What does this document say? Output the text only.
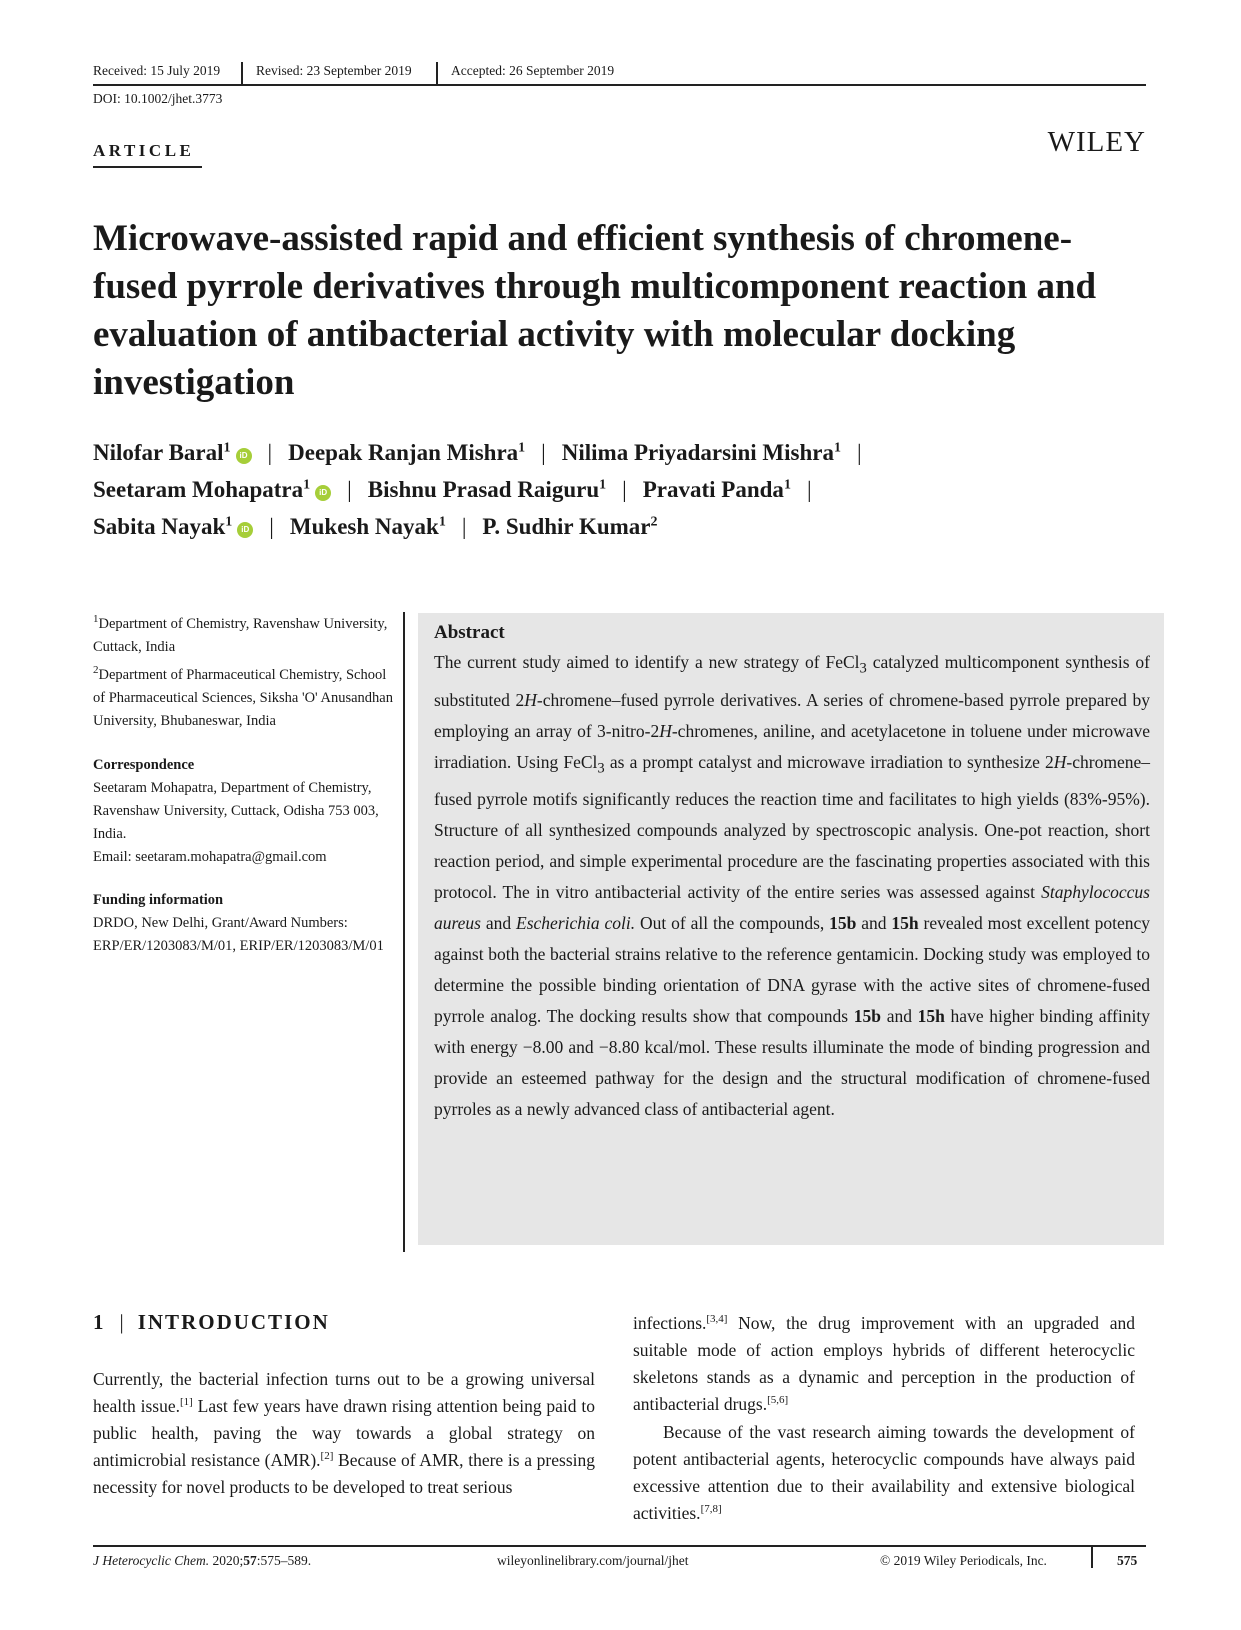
Received: 15 July 2019	Revised: 23 September 2019	Accepted: 26 September 2019
DOI: 10.1002/jhet.3773
ARTICLE	WILEY
Microwave-assisted rapid and efficient synthesis of chromene-fused pyrrole derivatives through multicomponent reaction and evaluation of antibacterial activity with molecular docking investigation
Nilofar Baral$^1$iD | Deepak Ranjan Mishra$^1$ | Nilima Priyadarsini Mishra$^1$ |
Seetaram Mohapatra$^1$iD | Bishnu Prasad Raiguru$^1$ | Pravati Panda$^1$ |
Sabita Nayak$^1$iD | Mukesh Nayak$^1$ | P. Sudhir Kumar$^2$

$^1$Department of Chemistry, Ravenshaw University, Cuttack, India

$^2$Department of Pharmaceutical Chemistry, School of Pharmaceutical Sciences, Siksha 'O' Anusandhan University, Bhubaneswar, India

Correspondence

Seetaram Mohapatra, Department of Chemistry, Ravenshaw University, Cuttack, Odisha 753 003, India.

Email: seetaram.mohapatra@gmail.com

Funding information

DRDO, New Delhi, Grant/Award Numbers: ERP/ER/1203083/M/01, ERIP/ER/1203083/M/01

Abstract

The current study aimed to identify a new strategy of FeCl$_3$ catalyzed multicomponent synthesis of substituted 2H-chromene–fused pyrrole derivatives. A series of chromene-based pyrrole prepared by employing an array of 3-nitro-2H-chromenes, aniline, and acetylacetone in toluene under microwave irradiation. Using FeCl$_3$ as a prompt catalyst and microwave irradiation to synthesize 2H-chromene–fused pyrrole motifs significantly reduces the reaction time and facilitates to high yields (83%-95%). Structure of all synthesized compounds analyzed by spectroscopic analysis. One-pot reaction, short reaction period, and simple experimental procedure are the fascinating properties associated with this protocol. The in vitro antibacterial activity of the entire series was assessed against Staphylococcus aureus and Escherichia coli. Out of all the compounds, 15b and 15h revealed most excellent potency against both the bacterial strains relative to the reference gentamicin. Docking study was employed to determine the possible binding orientation of DNA gyrase with the active sites of chromene-fused pyrrole analog. The docking results show that compounds 15b and 15h have higher binding affinity with energy −8.00 and −8.80 kcal/mol. These results illuminate the mode of binding progression and provide an esteemed pathway for the design and the structural modification of chromene-fused pyrroles as a newly advanced class of antibacterial agent.

1 | INTRODUCTION

Currently, the bacterial infection turns out to be a growing universal health issue.[1] Last few years have drawn rising attention being paid to public health, paving the way towards a global strategy on antimicrobial resistance (AMR).[2] Because of AMR, there is a pressing necessity for novel products to be developed to treat serious

infections.[3,4] Now, the drug improvement with an upgraded and suitable mode of action employs hybrids of different heterocyclic skeletons stands as a dynamic and perception in the production of antibacterial drugs.[5,6]

Because of the vast research aiming towards the development of potent antibacterial agents, heterocyclic compounds have always paid excessive attention due to their availability and extensive biological activities.[7,8]

J Heterocyclic Chem. 2020;57:575–589.	wileyonlinelibrary.com/journal/jhet	© 2019 Wiley Periodicals, Inc.	575
